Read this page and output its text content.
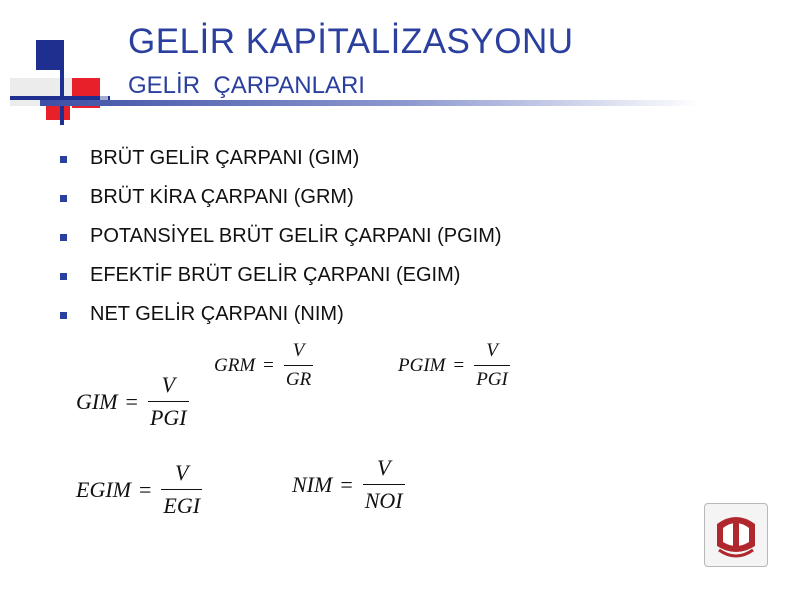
GELİR KAPİTALİZASYONU
GELİR  ÇARPANLARI
BRÜT GELİR ÇARPANI (GIM)
BRÜT KİRA ÇARPANI (GRM)
POTANSİYEL BRÜT GELİR ÇARPANI (PGIM)
EFEKTİF BRÜT GELİR ÇARPANI (EGIM)
NET GELİR ÇARPANI (NIM)
GRM = $\frac{V}{GR}$	PGIM = $\frac{V}{\text{PGI}}$
GIM = $\frac{V}{\text{PGI}}$
EGIM = $\frac{V}{\text{EGI}}$	NIM = $\frac{V}{\text{NOI}}$
